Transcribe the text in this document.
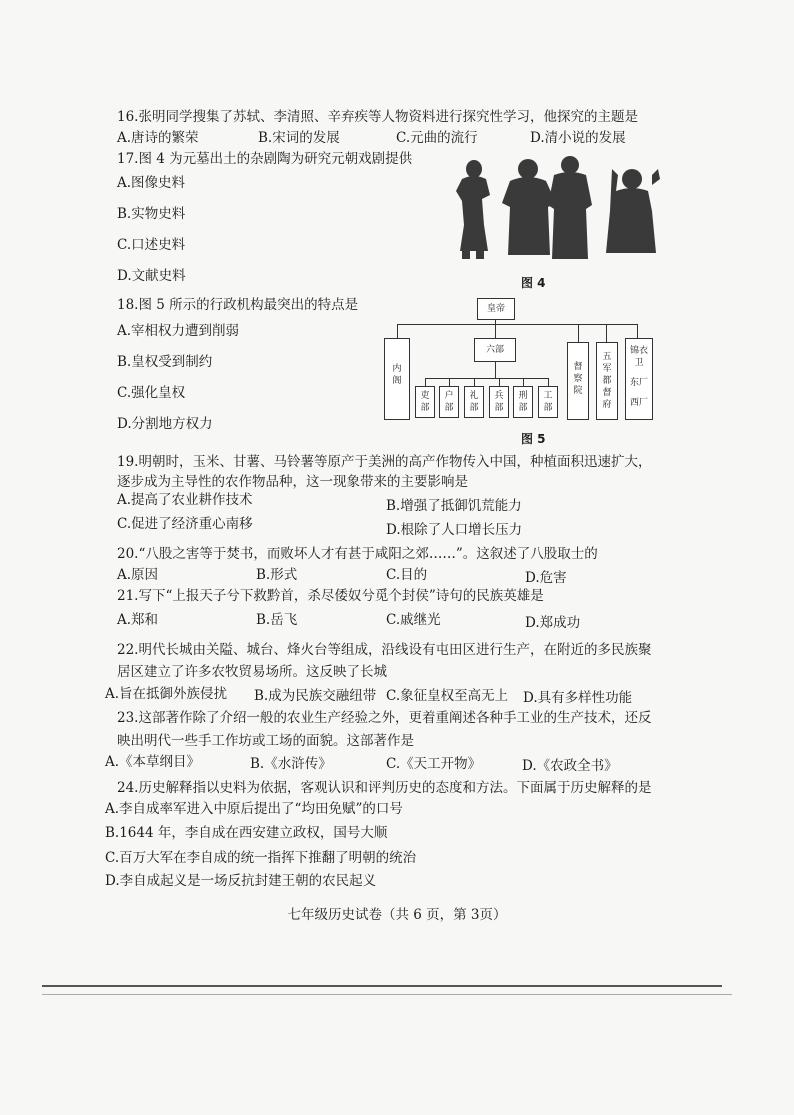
16.张明同学搜集了苏轼、李清照、辛弃疾等人物资料进行探究性学习，他探究的主题是
A.唐诗的繁荣	B.宋词的发展	C.元曲的流行	D.清小说的发展
17.图 4 为元墓出土的杂剧陶为研究元朝戏剧提供
A.图像史料
B.实物史料
C.口述史料
D.文献史料	图 4
18.图 5 所示的行政机构最突出的特点是
A.宰相权力遭到削弱
B.皇权受到制约
C.强化皇权
D.分割地方权力
皇帝
内
阁
六部
吏
部
户
部
礼
部
兵
部
刑
部
工
部
督
察
院
五
军
都
督
府
锦衣
卫
东厂
西厂
图 5
19.明朝时，玉米、甘薯、马铃薯等原产于美洲的高产作物传入中国，种植面积迅速扩大，
逐步成为主导性的农作物品种，这一现象带来的主要影响是
A.提高了农业耕作技术	B.增强了抵御饥荒能力
C.促进了经济重心南移	D.根除了人口增长压力
20.“八股之害等于焚书，而败坏人才有甚于咸阳之郊……”。这叙述了八股取士的
A.原因	B.形式	C.目的	D.危害
21.写下“上报天子兮下救黔首，杀尽倭奴兮觅个封侯”诗句的民族英雄是
A.郑和	B.岳飞	C.戚继光	D.郑成功
22.明代长城由关隘、城台、烽火台等组成，沿线设有屯田区进行生产，在附近的多民族聚
居区建立了许多农牧贸易场所。这反映了长城
A.旨在抵御外族侵扰 B.成为民族交融纽带 C.象征皇权至高无上 D.具有多样性功能
23.这部著作除了介绍一般的农业生产经验之外，更着重阐述各种手工业的生产技术，还反
映出明代一些手工作坊或工场的面貌。这部著作是
A.《本草纲目》	B.《水浒传》	C.《天工开物》	D.《农政全书》
24.历史解释指以史料为依据，客观认识和评判历史的态度和方法。下面属于历史解释的是
A.李自成率军进入中原后提出了“均田免赋”的口号
B.1644 年，李自成在西安建立政权，国号大顺
C.百万大军在李自成的统一指挥下推翻了明朝的统治
D.李自成起义是一场反抗封建王朝的农民起义
七年级历史试卷（共 6 页，第 3页）
